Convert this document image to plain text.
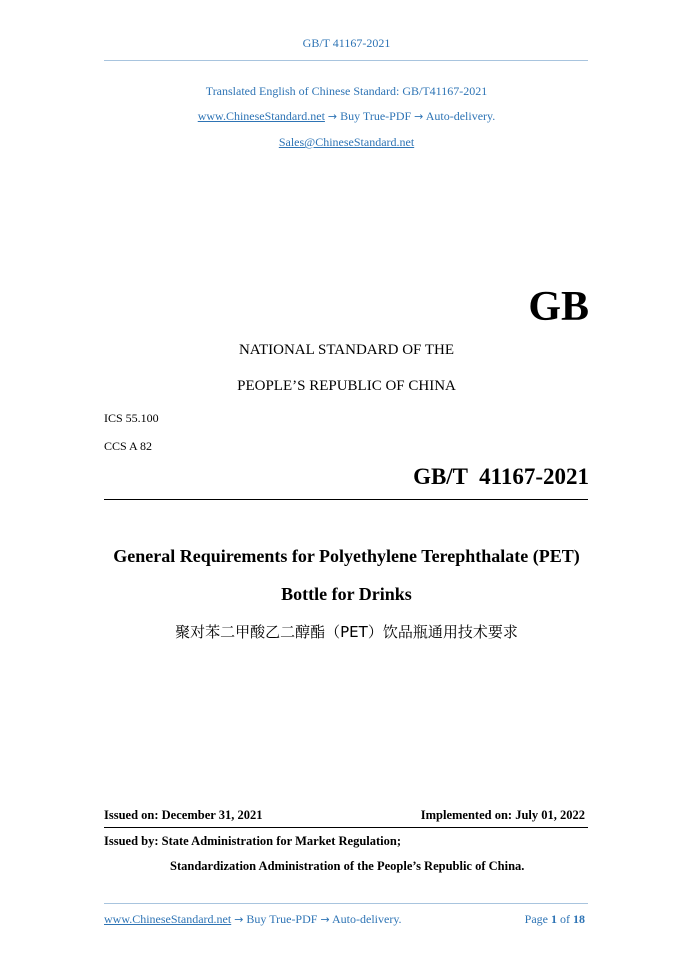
GB/T 41167-2021
Translated English of Chinese Standard: GB/T41167-2021
www.ChineseStandard.net → Buy True-PDF → Auto-delivery.
Sales@ChineseStandard.net
GB
NATIONAL STANDARD OF THE
PEOPLE’S REPUBLIC OF CHINA
ICS 55.100
CCS A 82
GB/T  41167-2021
General Requirements for Polyethylene Terephthalate (PET)
Bottle for Drinks
聚对苯二甲酸乙二醇酯（PET）饮品瓶通用技术要求
Issued on: December 31, 2021	Implemented on: July 01, 2022
Issued by: State Administration for Market Regulation;
Standardization Administration of the People’s Republic of China.
www.ChineseStandard.net → Buy True-PDF → Auto-delivery.	Page 1 of 18
